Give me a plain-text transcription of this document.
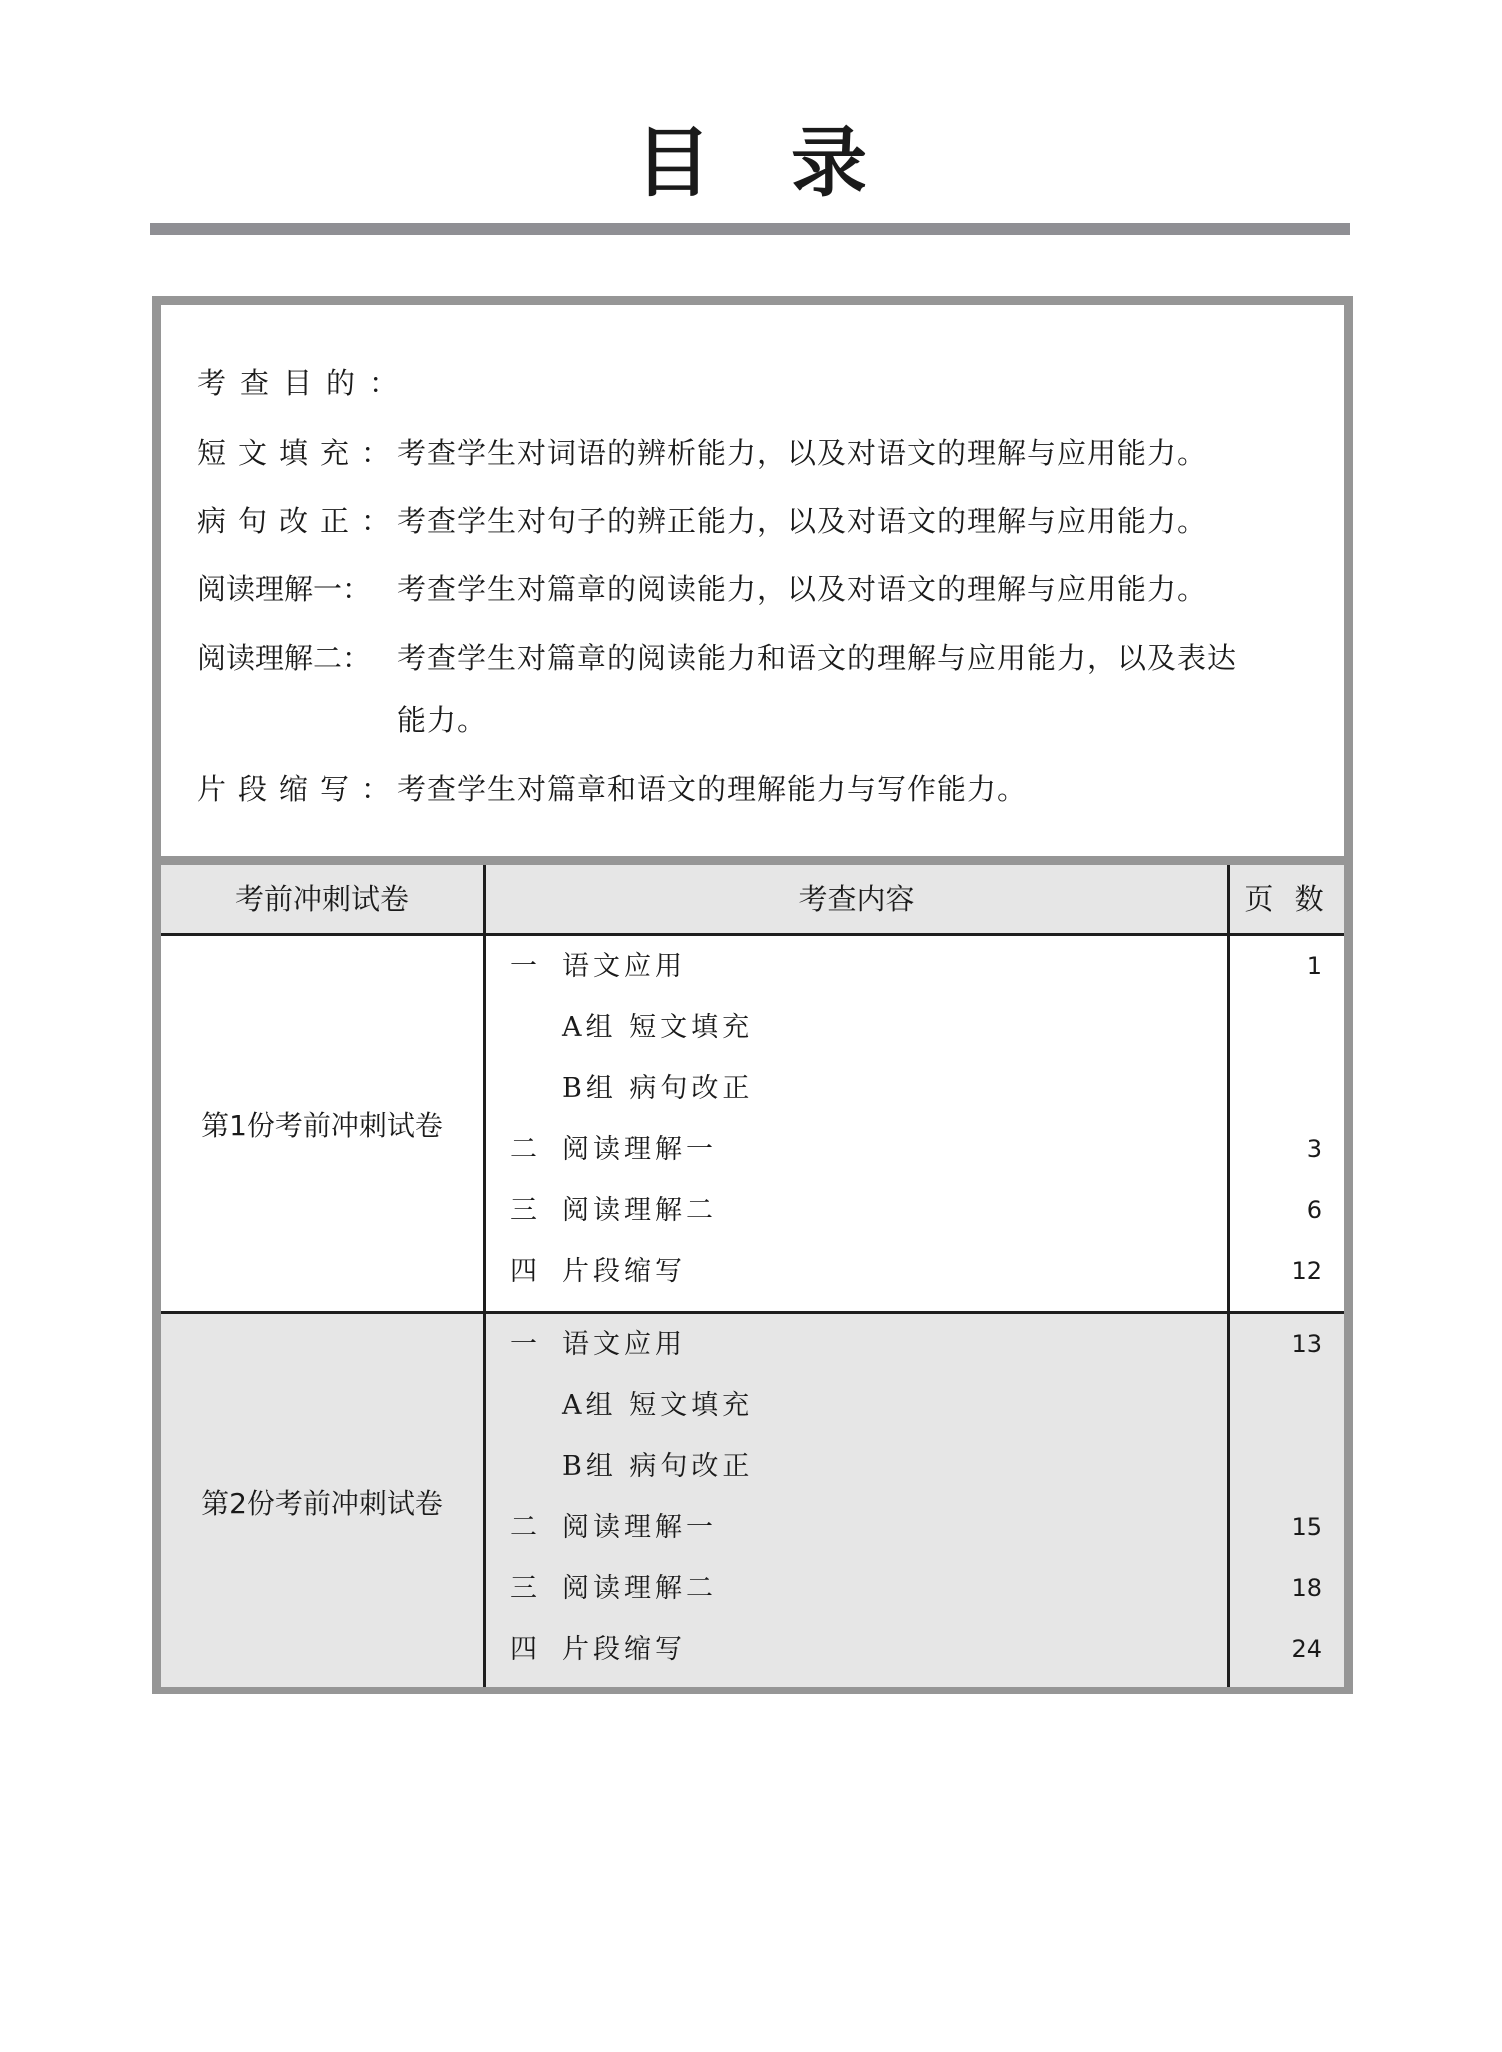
目 录
考查目的：
短文填充：考查学生对词语的辨析能力，以及对语文的理解与应用能力。
病句改正：考查学生对句子的辨正能力，以及对语文的理解与应用能力。
阅读理解一： 考查学生对篇章的阅读能力，以及对语文的理解与应用能力。
阅读理解二： 考查学生对篇章的阅读能力和语文的理解与应用能力，以及表达
能力。
片段缩写：考查学生对篇章和语文的理解能力与写作能力。
考前冲刺试卷	考查内容	页 数
第1份考前冲刺试卷
一 语文应用	1
A组 短文填充
B组 病句改正
二 阅读理解一	3
三 阅读理解二	6
四 片段缩写	12
第2份考前冲刺试卷
一 语文应用	13
A组 短文填充
B组 病句改正
二 阅读理解一	15
三 阅读理解二	18
四 片段缩写	24
